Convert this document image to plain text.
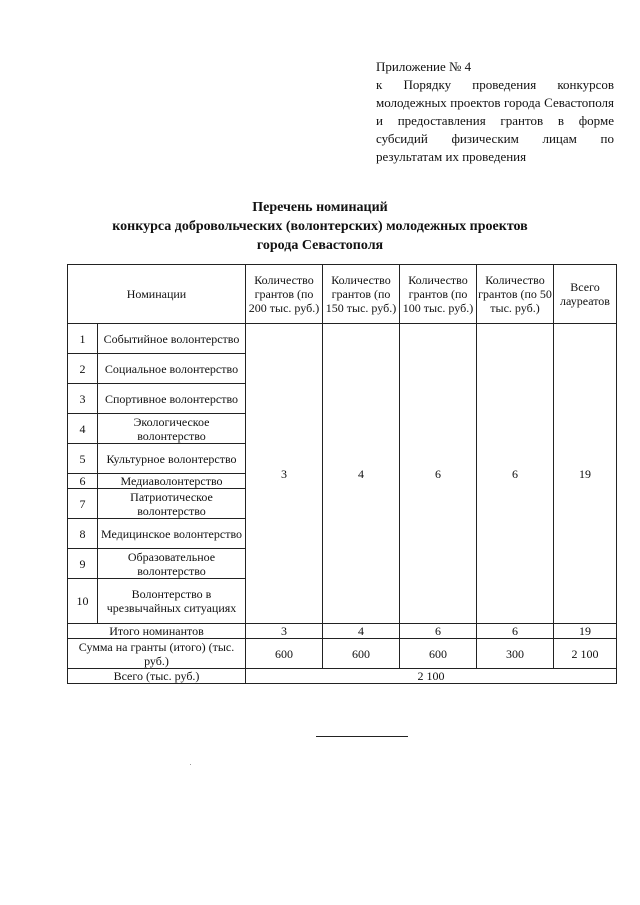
Приложение № 4
к Порядку проведения конкурсов молодежных проектов города Севастополя и предоставления грантов в форме субсидий физическим лицам по результатам их проведения
Перечень номинаций
конкурса добровольческих (волонтерских) молодежных проектов
города Севастополя
Номинации		Количество грантов (по 200 тыс. руб.)	Количество грантов (по 150 тыс. руб.)	Количество грантов (по 100 тыс. руб.)	Количество грантов (по 50 тыс. руб.)	Всего лауреатов
1	Событийное волонтерство	3	4	6	6	19
2	Социальное волонтерство					
3	Спортивное волонтерство					
4	Экологическое волонтерство					
5	Культурное волонтерство					
6	Медиаволонтерство					
7	Патриотическое волонтерство					
8	Медицинское волонтерство					
9	Образовательное волонтерство					
10	Волонтерство в чрезвычайных ситуациях					
Итого номинантов		3	4	6	6	19
Сумма на гранты (итого) (тыс. руб.)		600	600	600	300	2 100
Всего (тыс. руб.)		2 100				
